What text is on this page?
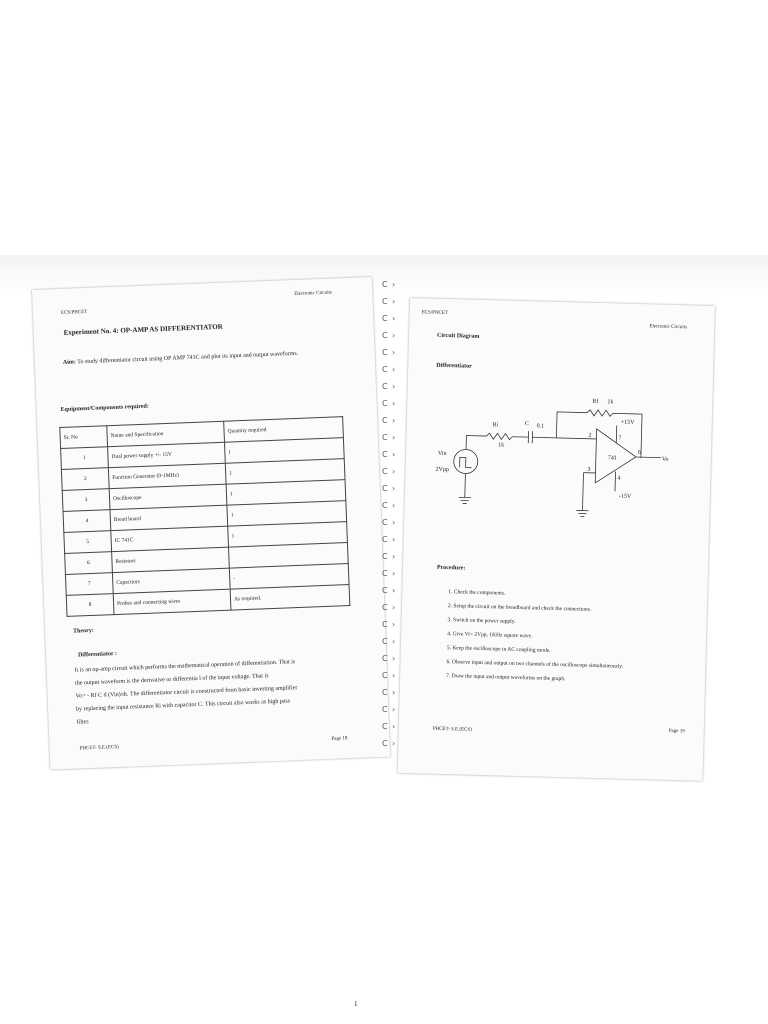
ECS/PHCET
Electronic Circuits
Experiment No. 4: OP-AMP AS DIFFERENTIATOR
Aim: To study differentiator circuit using OP AMP 741C and plot its input and output waveforms.
Equipment/Components required:
Sr. No	Name and Specification	Quantity required
1	Dual power supply +/- 15V	1
2	Function Generator (0-1MHz)	1
3	Oscilloscope	1
4	Bread board	1
5	IC 741C	1
6	Resistors	
7	Capacitors	-
8	Probes and connecting wires	As required.
Theory:
Differentiator :
It is an op-amp circuit which performs the mathematical operation of differentiation. That is
the output waveform is the derivative or differentia l of the input voltage. That is
Vo= - Rf C d (Vin)/dt. The differentiator circuit is constructed from basic inverting amplifier
by replacing the input resistance Ri with capacitor C. This circuit also works as high pass
filter.
PHCET- S.E.(ECS)
Page 18
C ›
C ›
C ›
C ›
C ›
C ›
C ›
C ›
C ›
C ›
C ›
C ›
C ›
C ›
C ›
C ›
C ›
C ›
C ›
C ›
C ›
C ›
C ›
C ›
C ›
C ›
C ›
C ›
ECS/PHCET
Electronic Circuits
Circuit Diagram
Differentiator
Rf 1k
Ri
1k
C 0.1
Vin
2Vpp
+15V
-15V
741	Vo
2
3
6
7
4
Procedure:
1. Check the components.
2. Setup the circuit on the breadboard and check the connections.
3. Switch on the power supply.
4. Give Vi= 2Vpp, 1KHz square wave.
5. Keep the oscilloscope in AC coupling mode.
6. Observe input and output on two channels of the oscilloscope simultaneously.
7. Draw the input and output waveforms on the graph.
PHCET- S.E.(ECS)	Page 19
1
